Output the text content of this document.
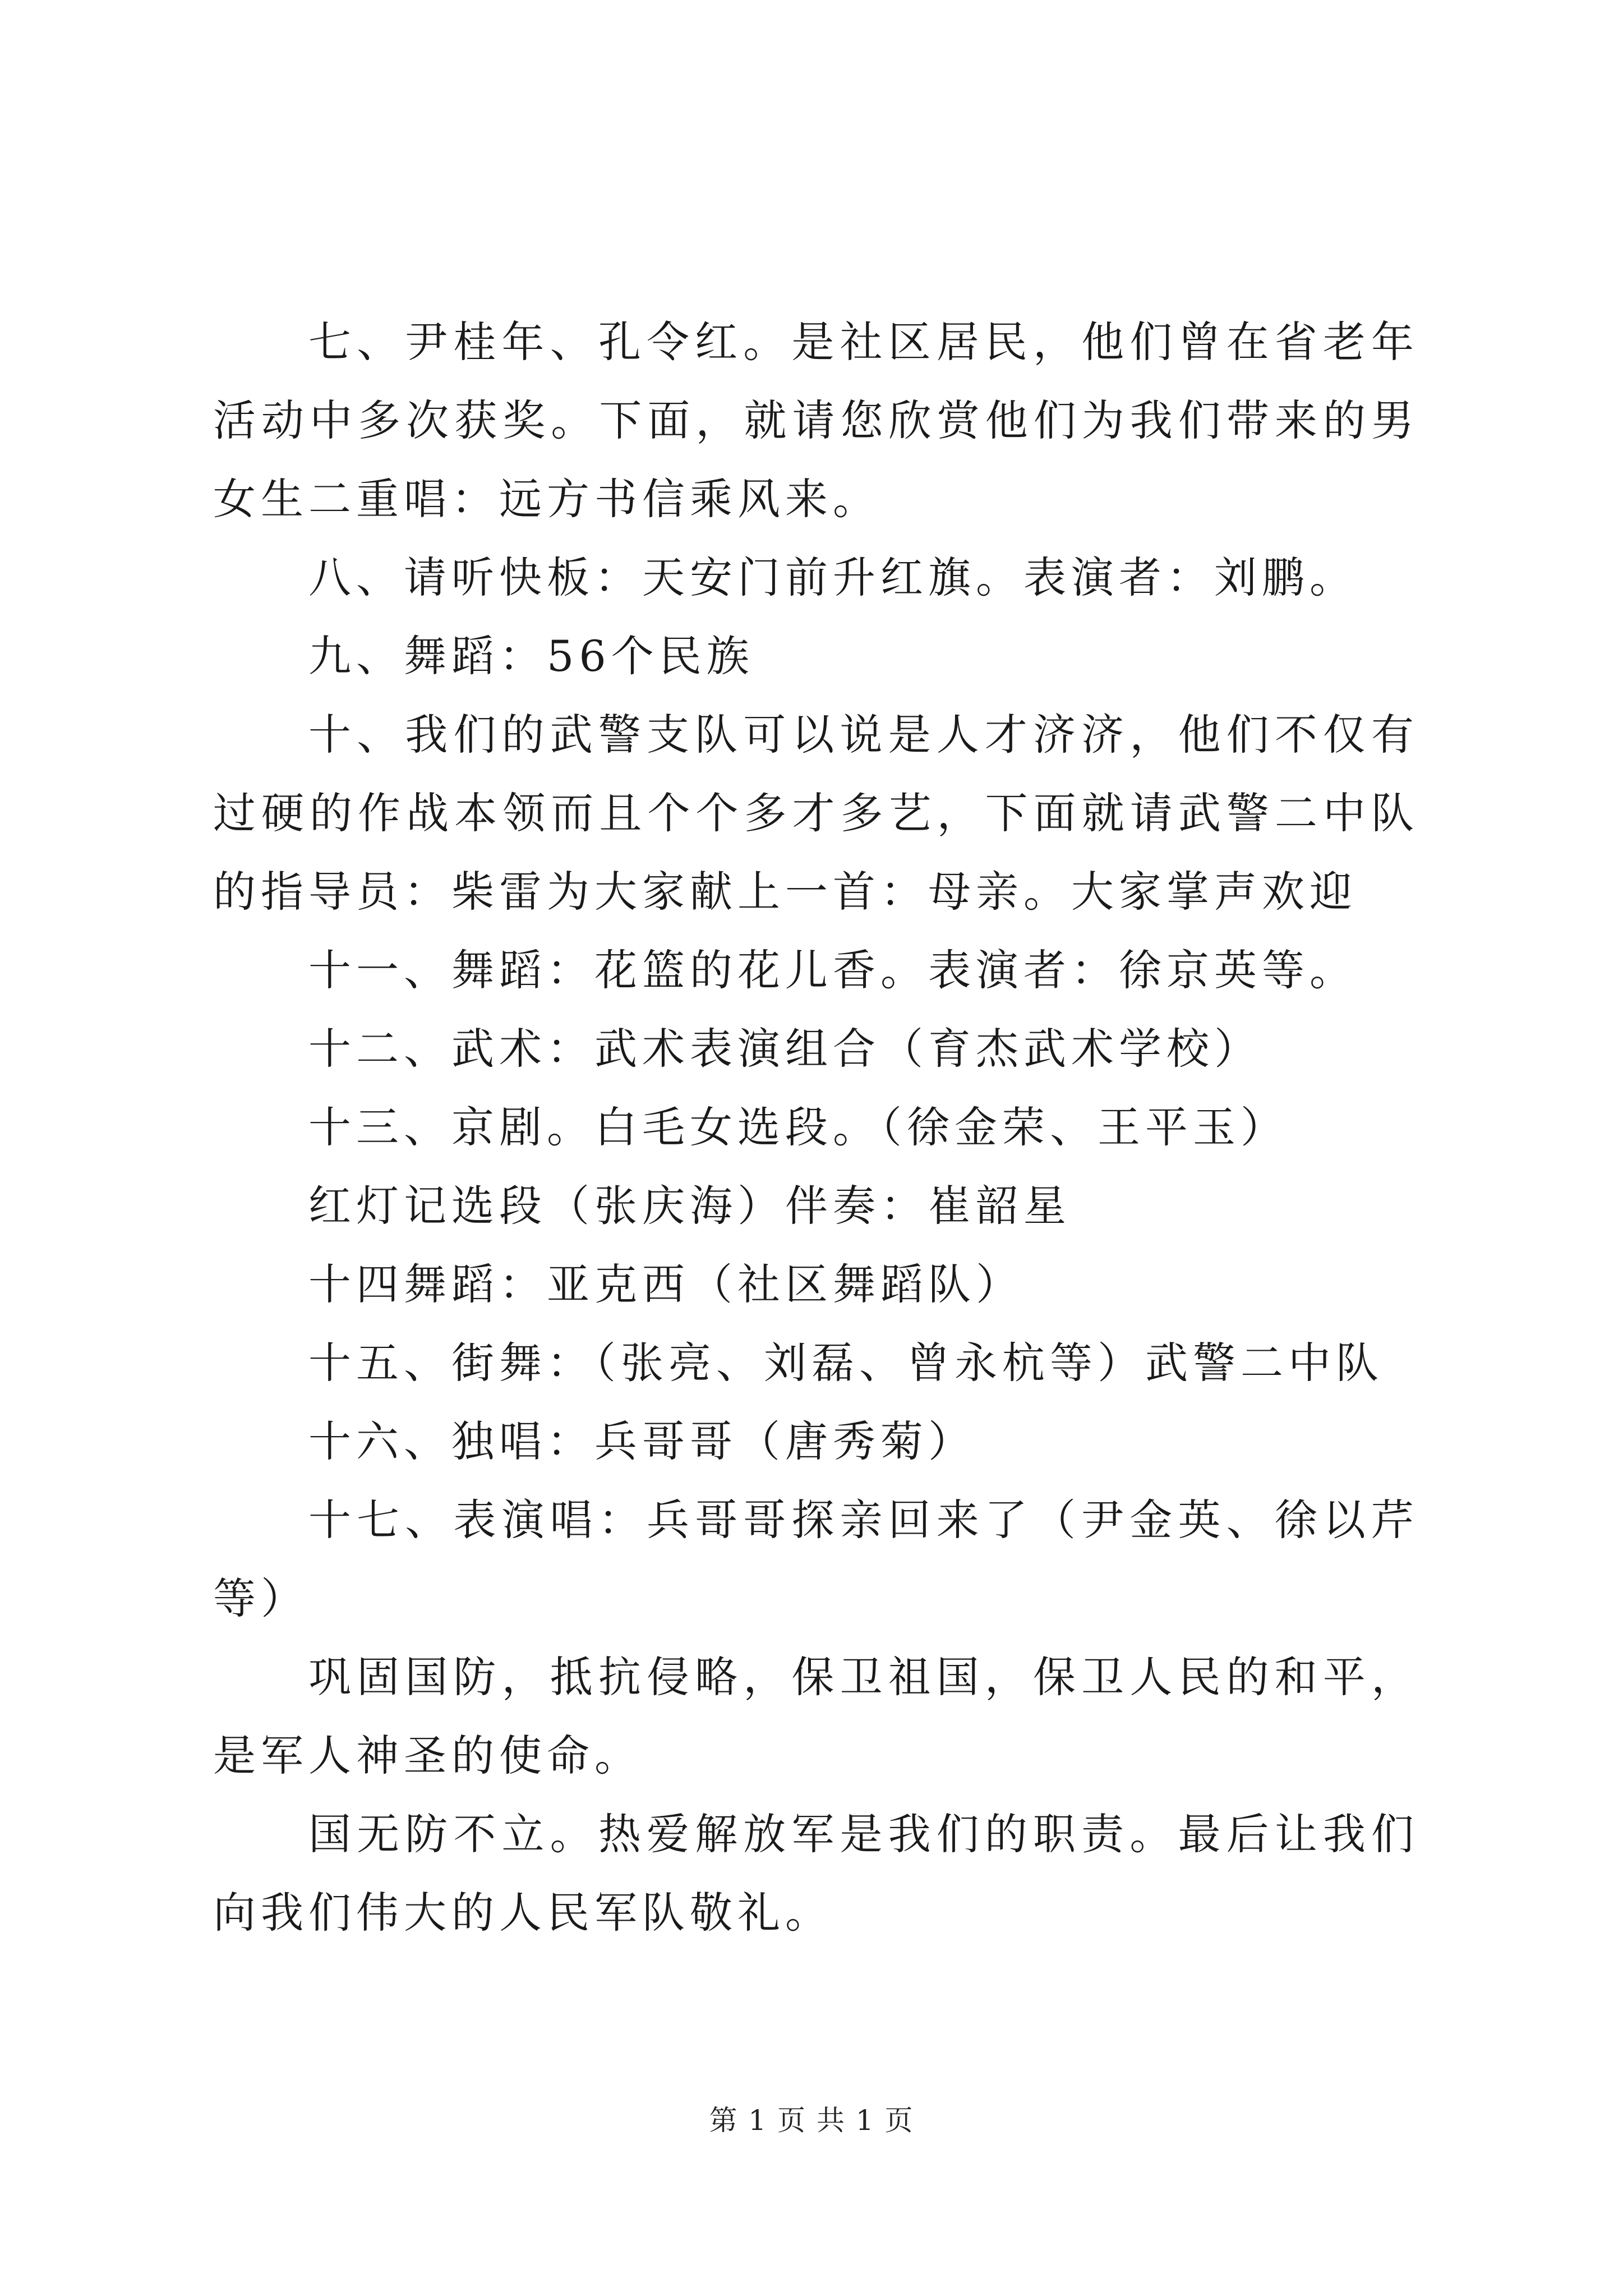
七、尹桂年、孔令红。是社区居民，他们曾在省老年活动中多次获奖。下面，就请您欣赏他们为我们带来的男女生二重唱：远方书信乘风来。

八、请听快板：天安门前升红旗。表演者：刘鹏。

九、舞蹈：56个民族

十、我们的武警支队可以说是人才济济，他们不仅有过硬的作战本领而且个个多才多艺，下面就请武警二中队的指导员：柴雷为大家献上一首：母亲。大家掌声欢迎

十一、舞蹈：花篮的花儿香。表演者：徐京英等。

十二、武术：武术表演组合（育杰武术学校）

十三、京剧。白毛女选段。（徐金荣、王平玉）

红灯记选段（张庆海）伴奏：崔韶星

十四舞蹈：亚克西（社区舞蹈队）

十五、街舞：（张亮、刘磊、曾永杭等）武警二中队

十六、独唱：兵哥哥（唐秀菊）

十七、表演唱：兵哥哥探亲回来了（尹金英、徐以芹等）

巩固国防，抵抗侵略，保卫祖国，保卫人民的和平，是军人神圣的使命。

国无防不立。热爱解放军是我们的职责。最后让我们向我们伟大的人民军队敬礼。

第 1 页 共 1 页
